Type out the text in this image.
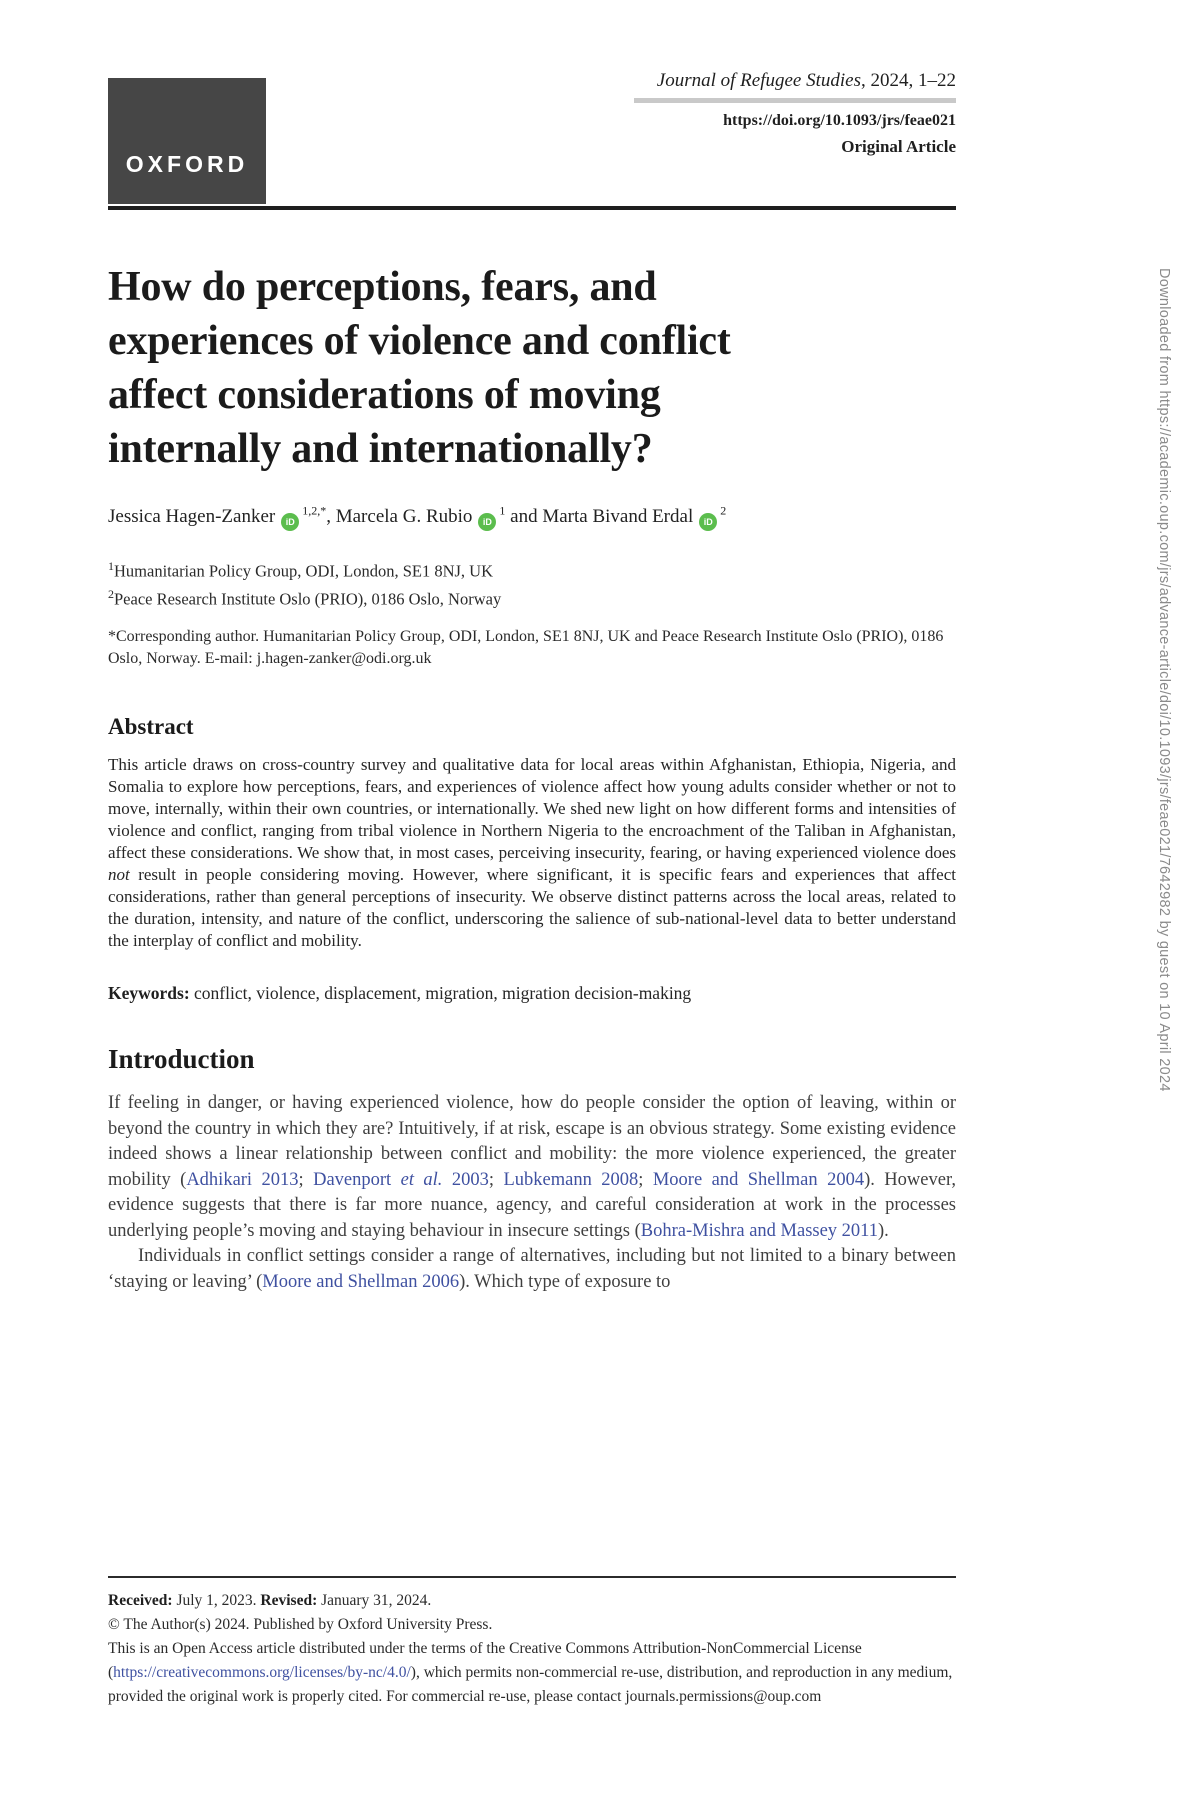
Downloaded from https://academic.oup.com/jrs/advance-article/doi/10.1093/jrs/feae021/7642982 by guest on 10 April 2024
OXFORD
Journal of Refugee Studies, 2024, 1–22
https://doi.org/10.1093/jrs/feae021
Original Article
How do perceptions, fears, and
experiences of violence and conflict
affect considerations of moving
internally and internationally?
Jessica Hagen-Zanker $iD^{1,2,*}$, Marcela G. Rubio $iD^1$ and Marta Bivand Erdal $iD^2$
$^1$Humanitarian Policy Group, ODI, London, SE1 8NJ, UK
$^2$Peace Research Institute Oslo (PRIO), 0186 Oslo, Norway

*Corresponding author. Humanitarian Policy Group, ODI, London, SE1 8NJ, UK and Peace Research Institute Oslo (PRIO), 0186 Oslo, Norway. E-mail: j.hagen-zanker@odi.org.uk

Abstract

This article draws on cross-country survey and qualitative data for local areas within Afghanistan, Ethiopia, Nigeria, and Somalia to explore how perceptions, fears, and experiences of violence affect how young adults consider whether or not to move, internally, within their own countries, or internationally. We shed new light on how different forms and intensities of violence and conflict, ranging from tribal violence in Northern Nigeria to the encroachment of the Taliban in Afghanistan, affect these considerations. We show that, in most cases, perceiving insecurity, fearing, or having experienced violence does not result in people considering moving. However, where significant, it is specific fears and experiences that affect considerations, rather than general perceptions of insecurity. We observe distinct patterns across the local areas, related to the duration, intensity, and nature of the conflict, underscoring the salience of sub-national-level data to better understand the interplay of conflict and mobility.

Keywords: conflict, violence, displacement, migration, migration decision-making

Introduction

If feeling in danger, or having experienced violence, how do people consider the option of leaving, within or beyond the country in which they are? Intuitively, if at risk, escape is an obvious strategy. Some existing evidence indeed shows a linear relationship between conflict and mobility: the more violence experienced, the greater mobility (Adhikari 2013; Davenport et al. 2003; Lubkemann 2008; Moore and Shellman 2004). However, evidence suggests that there is far more nuance, agency, and careful consideration at work in the processes underlying people’s moving and staying behaviour in insecure settings (Bohra-Mishra and Massey 2011).

Individuals in conflict settings consider a range of alternatives, including but not limited to a binary between ‘staying or leaving’ (Moore and Shellman 2006). Which type of exposure to

Received: July 1, 2023. Revised: January 31, 2024.

© The Author(s) 2024. Published by Oxford University Press.

This is an Open Access article distributed under the terms of the Creative Commons Attribution-NonCommercial License (https://creativecommons.org/licenses/by-nc/4.0/), which permits non-commercial re-use, distribution, and reproduction in any medium, provided the original work is properly cited. For commercial re-use, please contact journals.permissions@oup.com
